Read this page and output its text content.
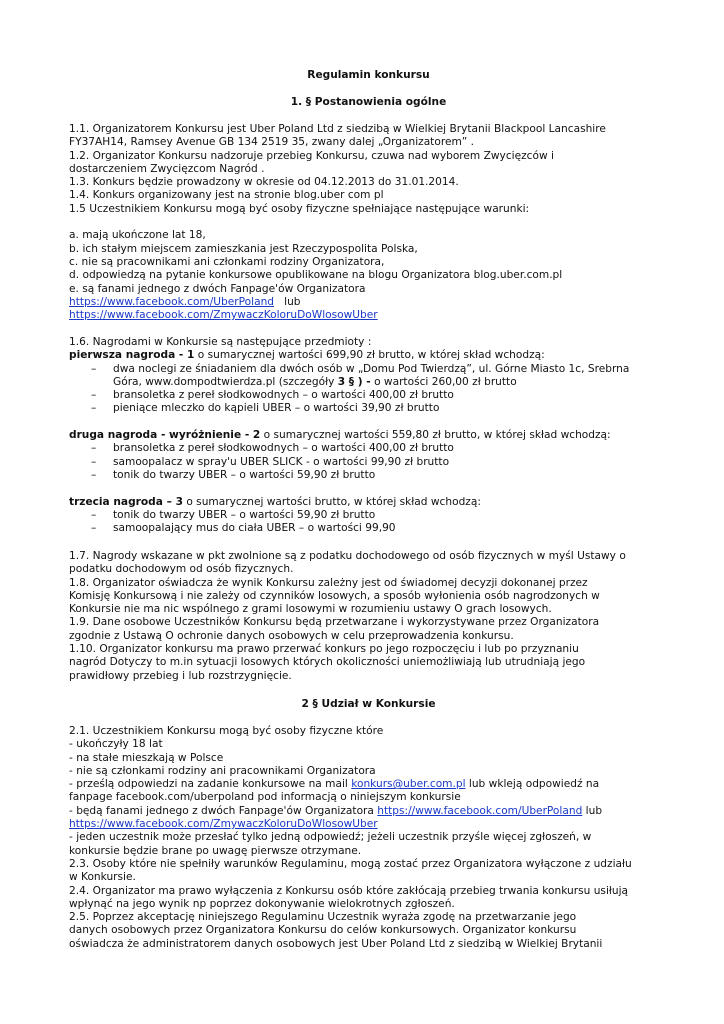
Regulamin konkursu
1. § Postanowienia ogólne

1.1. Organizatorem Konkursu jest Uber Poland Ltd z siedzibą w Wielkiej Brytanii Blackpool Lancashire

FY37AH14, Ramsey Avenue GB 134 2519 35, zwany dalej „Organizatorem” .

1.2. Organizator Konkursu nadzoruje przebieg Konkursu, czuwa nad wyborem Zwycięzców i

dostarczeniem Zwycięzcom Nagród .

1.3. Konkurs będzie prowadzony w okresie od 04.12.2013 do 31.01.2014.

1.4. Konkurs organizowany jest na stronie blog.uber com pl

1.5 Uczestnikiem Konkursu mogą być osoby fizyczne spełniające następujące warunki:

a. mają ukończone lat 18,

b. ich stałym miejscem zamieszkania jest Rzeczypospolita Polska,

c. nie są pracownikami ani członkami rodziny Organizatora,

d. odpowiedzą na pytanie konkursowe opublikowane na blogu Organizatora blog.uber.com.pl

e. są fanami jednego z dwóch Fanpage'ów Organizatora

https://www.facebook.com/UberPoland lub

https://www.facebook.com/ZmywaczKoloruDoWlosowUber

1.6. Nagrodami w Konkursie są następujące przedmioty :

pierwsza nagroda - 1 o sumarycznej wartości 699,90 zł brutto, w której skład wchodzą:

– dwa noclegi ze śniadaniem dla dwóch osób w „Domu Pod Twierdzą”, ul. Górne Miasto 1c, Srebrna

Góra, www.dompodtwierdza.pl (szczegóły 3 § ) - o wartości 260,00 zł brutto

– bransoletka z pereł słodkowodnych – o wartości 400,00 zł brutto

– pieniące mleczko do kąpieli UBER – o wartości 39,90 zł brutto

druga nagroda - wyróżnienie - 2 o sumarycznej wartości 559,80 zł brutto, w której skład wchodzą:

– bransoletka z pereł słodkowodnych – o wartości 400,00 zł brutto

– samoopalacz w spray'u UBER SLICK - o wartości 99,90 zł brutto

– tonik do twarzy UBER – o wartości 59,90 zł brutto

trzecia nagroda – 3 o sumarycznej wartości brutto, w której skład wchodzą:

– tonik do twarzy UBER – o wartości 59,90 zł brutto

– samoopalający mus do ciała UBER – o wartości 99,90

1.7. Nagrody wskazane w pkt zwolnione są z podatku dochodowego od osób fizycznych w myśl Ustawy o

podatku dochodowym od osób fizycznych.

1.8. Organizator oświadcza że wynik Konkursu zależny jest od świadomej decyzji dokonanej przez

Komisję Konkursową i nie zależy od czynników losowych, a sposób wyłonienia osób nagrodzonych w

Konkursie nie ma nic wspólnego z grami losowymi w rozumieniu ustawy O grach losowych.

1.9. Dane osobowe Uczestników Konkursu będą przetwarzane i wykorzystywane przez Organizatora

zgodnie z Ustawą O ochronie danych osobowych w celu przeprowadzenia konkursu.

1.10. Organizator konkursu ma prawo przerwać konkurs po jego rozpoczęciu i lub po przyznaniu

nagród Dotyczy to m.in sytuacji losowych których okoliczności uniemożliwiają lub utrudniają jego

prawidłowy przebieg i lub rozstrzygnięcie.

2 § Udział w Konkursie

2.1. Uczestnikiem Konkursu mogą być osoby fizyczne które

- ukończyły 18 lat

- na stałe mieszkają w Polsce

- nie są członkami rodziny ani pracownikami Organizatora

- prześlą odpowiedzi na zadanie konkursowe na mail konkurs@uber.com.pl lub wkleją odpowiedź na

fanpage facebook.com/uberpoland pod informacją o niniejszym konkursie

- będą fanami jednego z dwóch Fanpage'ów Organizatora https://www.facebook.com/UberPoland lub

https://www.facebook.com/ZmywaczKoloruDoWlosowUber

- jeden uczestnik może przesłać tylko jedną odpowiedź; jeżeli uczestnik przyśle więcej zgłoszeń, w

konkursie będzie brane po uwagę pierwsze otrzymane.

2.3. Osoby które nie spełniły warunków Regulaminu, mogą zostać przez Organizatora wyłączone z udziału

w Konkursie.

2.4. Organizator ma prawo wyłączenia z Konkursu osób które zakłócają przebieg trwania konkursu usiłują

wpłynąć na jego wynik np poprzez dokonywanie wielokrotnych zgłoszeń.

2.5. Poprzez akceptację niniejszego Regulaminu Uczestnik wyraża zgodę na przetwarzanie jego

danych osobowych przez Organizatora Konkursu do celów konkursowych. Organizator konkursu

oświadcza że administratorem danych osobowych jest Uber Poland Ltd z siedzibą w Wielkiej Brytanii
